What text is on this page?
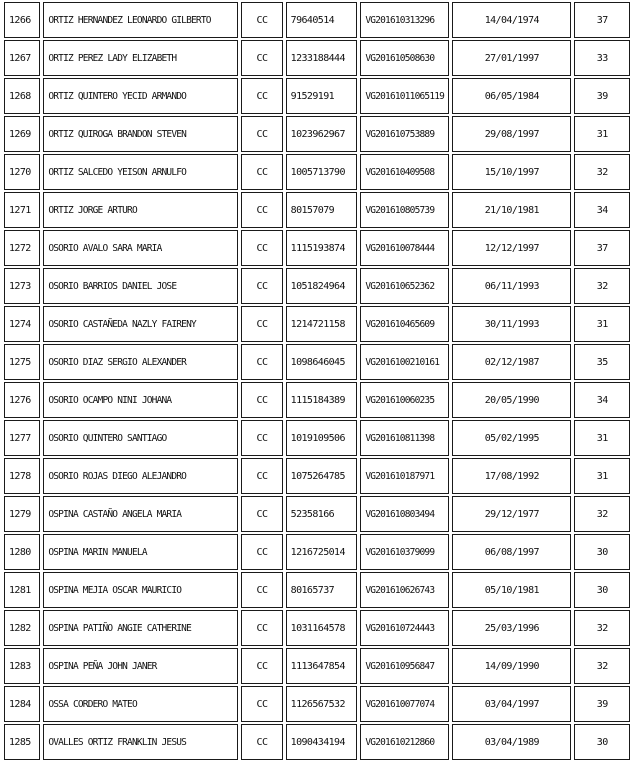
1266	ORTIZ HERNANDEZ LEONARDO GILBERTO	CC	79640514	VG201610313296	14/04/1974	37
1267	ORTIZ PEREZ LADY ELIZABETH	CC	1233188444	VG201610508630	27/01/1997	33
1268	ORTIZ QUINTERO YECID ARMANDO	CC	91529191	VG20161011065119	06/05/1984	39
1269	ORTIZ QUIROGA BRANDON STEVEN	CC	1023962967	VG201610753889	29/08/1997	31
1270	ORTIZ SALCEDO YEISON ARNULFO	CC	1005713790	VG201610409508	15/10/1997	32
1271	ORTIZ JORGE ARTURO	CC	80157079	VG201610805739	21/10/1981	34
1272	OSORIO AVALO SARA MARIA	CC	1115193874	VG201610078444	12/12/1997	37
1273	OSORIO BARRIOS DANIEL JOSE	CC	1051824964	VG201610652362	06/11/1993	32
1274	OSORIO CASTAÑEDA NAZLY FAIRENY	CC	1214721158	VG201610465609	30/11/1993	31
1275	OSORIO DIAZ SERGIO ALEXANDER	CC	1098646045	VG2016100210161	02/12/1987	35
1276	OSORIO OCAMPO NINI JOHANA	CC	1115184389	VG201610060235	20/05/1990	34
1277	OSORIO QUINTERO SANTIAGO	CC	1019109506	VG201610811398	05/02/1995	31
1278	OSORIO ROJAS DIEGO ALEJANDRO	CC	1075264785	VG201610187971	17/08/1992	31
1279	OSPINA CASTAÑO ANGELA MARIA	CC	52358166	VG201610803494	29/12/1977	32
1280	OSPINA MARIN MANUELA	CC	1216725014	VG201610379099	06/08/1997	30
1281	OSPINA MEJIA OSCAR MAURICIO	CC	80165737	VG201610626743	05/10/1981	30
1282	OSPINA PATIÑO ANGIE CATHERINE	CC	1031164578	VG201610724443	25/03/1996	32
1283	OSPINA PEÑA JOHN JANER	CC	1113647854	VG201610956847	14/09/1990	32
1284	OSSA CORDERO MATEO	CC	1126567532	VG201610077074	03/04/1997	39
1285	OVALLES ORTIZ FRANKLIN JESUS	CC	1090434194	VG201610212860	03/04/1989	30
